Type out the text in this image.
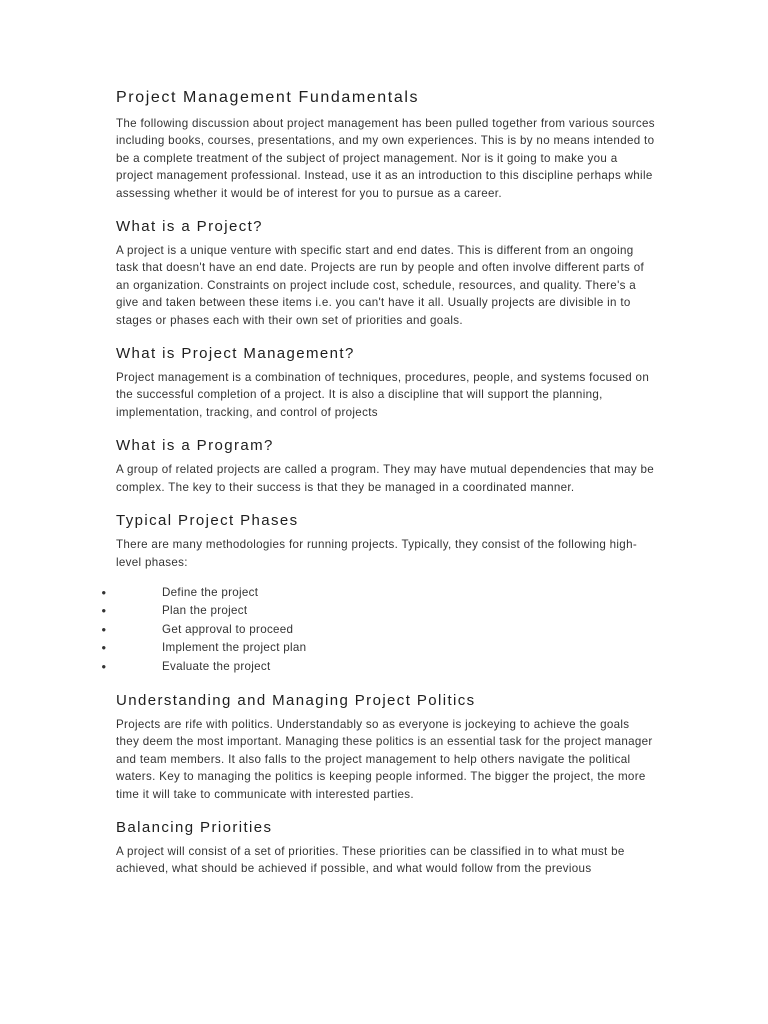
Project Management Fundamentals

The following discussion about project management has been pulled together from various sources including books, courses, presentations, and my own experiences. This is by no means intended to be a complete treatment of the subject of project management. Nor is it going to make you a project management professional. Instead, use it as an introduction to this discipline perhaps while assessing whether it would be of interest for you to pursue as a career.

What is a Project?

A project is a unique venture with specific start and end dates. This is different from an ongoing task that doesn't have an end date. Projects are run by people and often involve different parts of an organization. Constraints on project include cost, schedule, resources, and quality. There's a give and taken between these items i.e. you can't have it all. Usually projects are divisible in to stages or phases each with their own set of priorities and goals.

What is Project Management?

Project management is a combination of techniques, procedures, people, and systems focused on the successful completion of a project. It is also a discipline that will support the planning, implementation, tracking, and control of projects

What is a Program?

A group of related projects are called a program. They may have mutual dependencies that may be complex. The key to their success is that they be managed in a coordinated manner.

Typical Project Phases

There are many methodologies for running projects. Typically, they consist of the following high-level phases:

●	Define the project
●	Plan the project
●	Get approval to proceed
●	Implement the project plan
●	Evaluate the project
Understanding and Managing Project Politics

Projects are rife with politics. Understandably so as everyone is jockeying to achieve the goals they deem the most important. Managing these politics is an essential task for the project manager and team members. It also falls to the project management to help others navigate the political waters. Key to managing the politics is keeping people informed. The bigger the project, the more time it will take to communicate with interested parties.

Balancing Priorities

A project will consist of a set of priorities. These priorities can be classified in to what must be achieved, what should be achieved if possible, and what would follow from the previous
